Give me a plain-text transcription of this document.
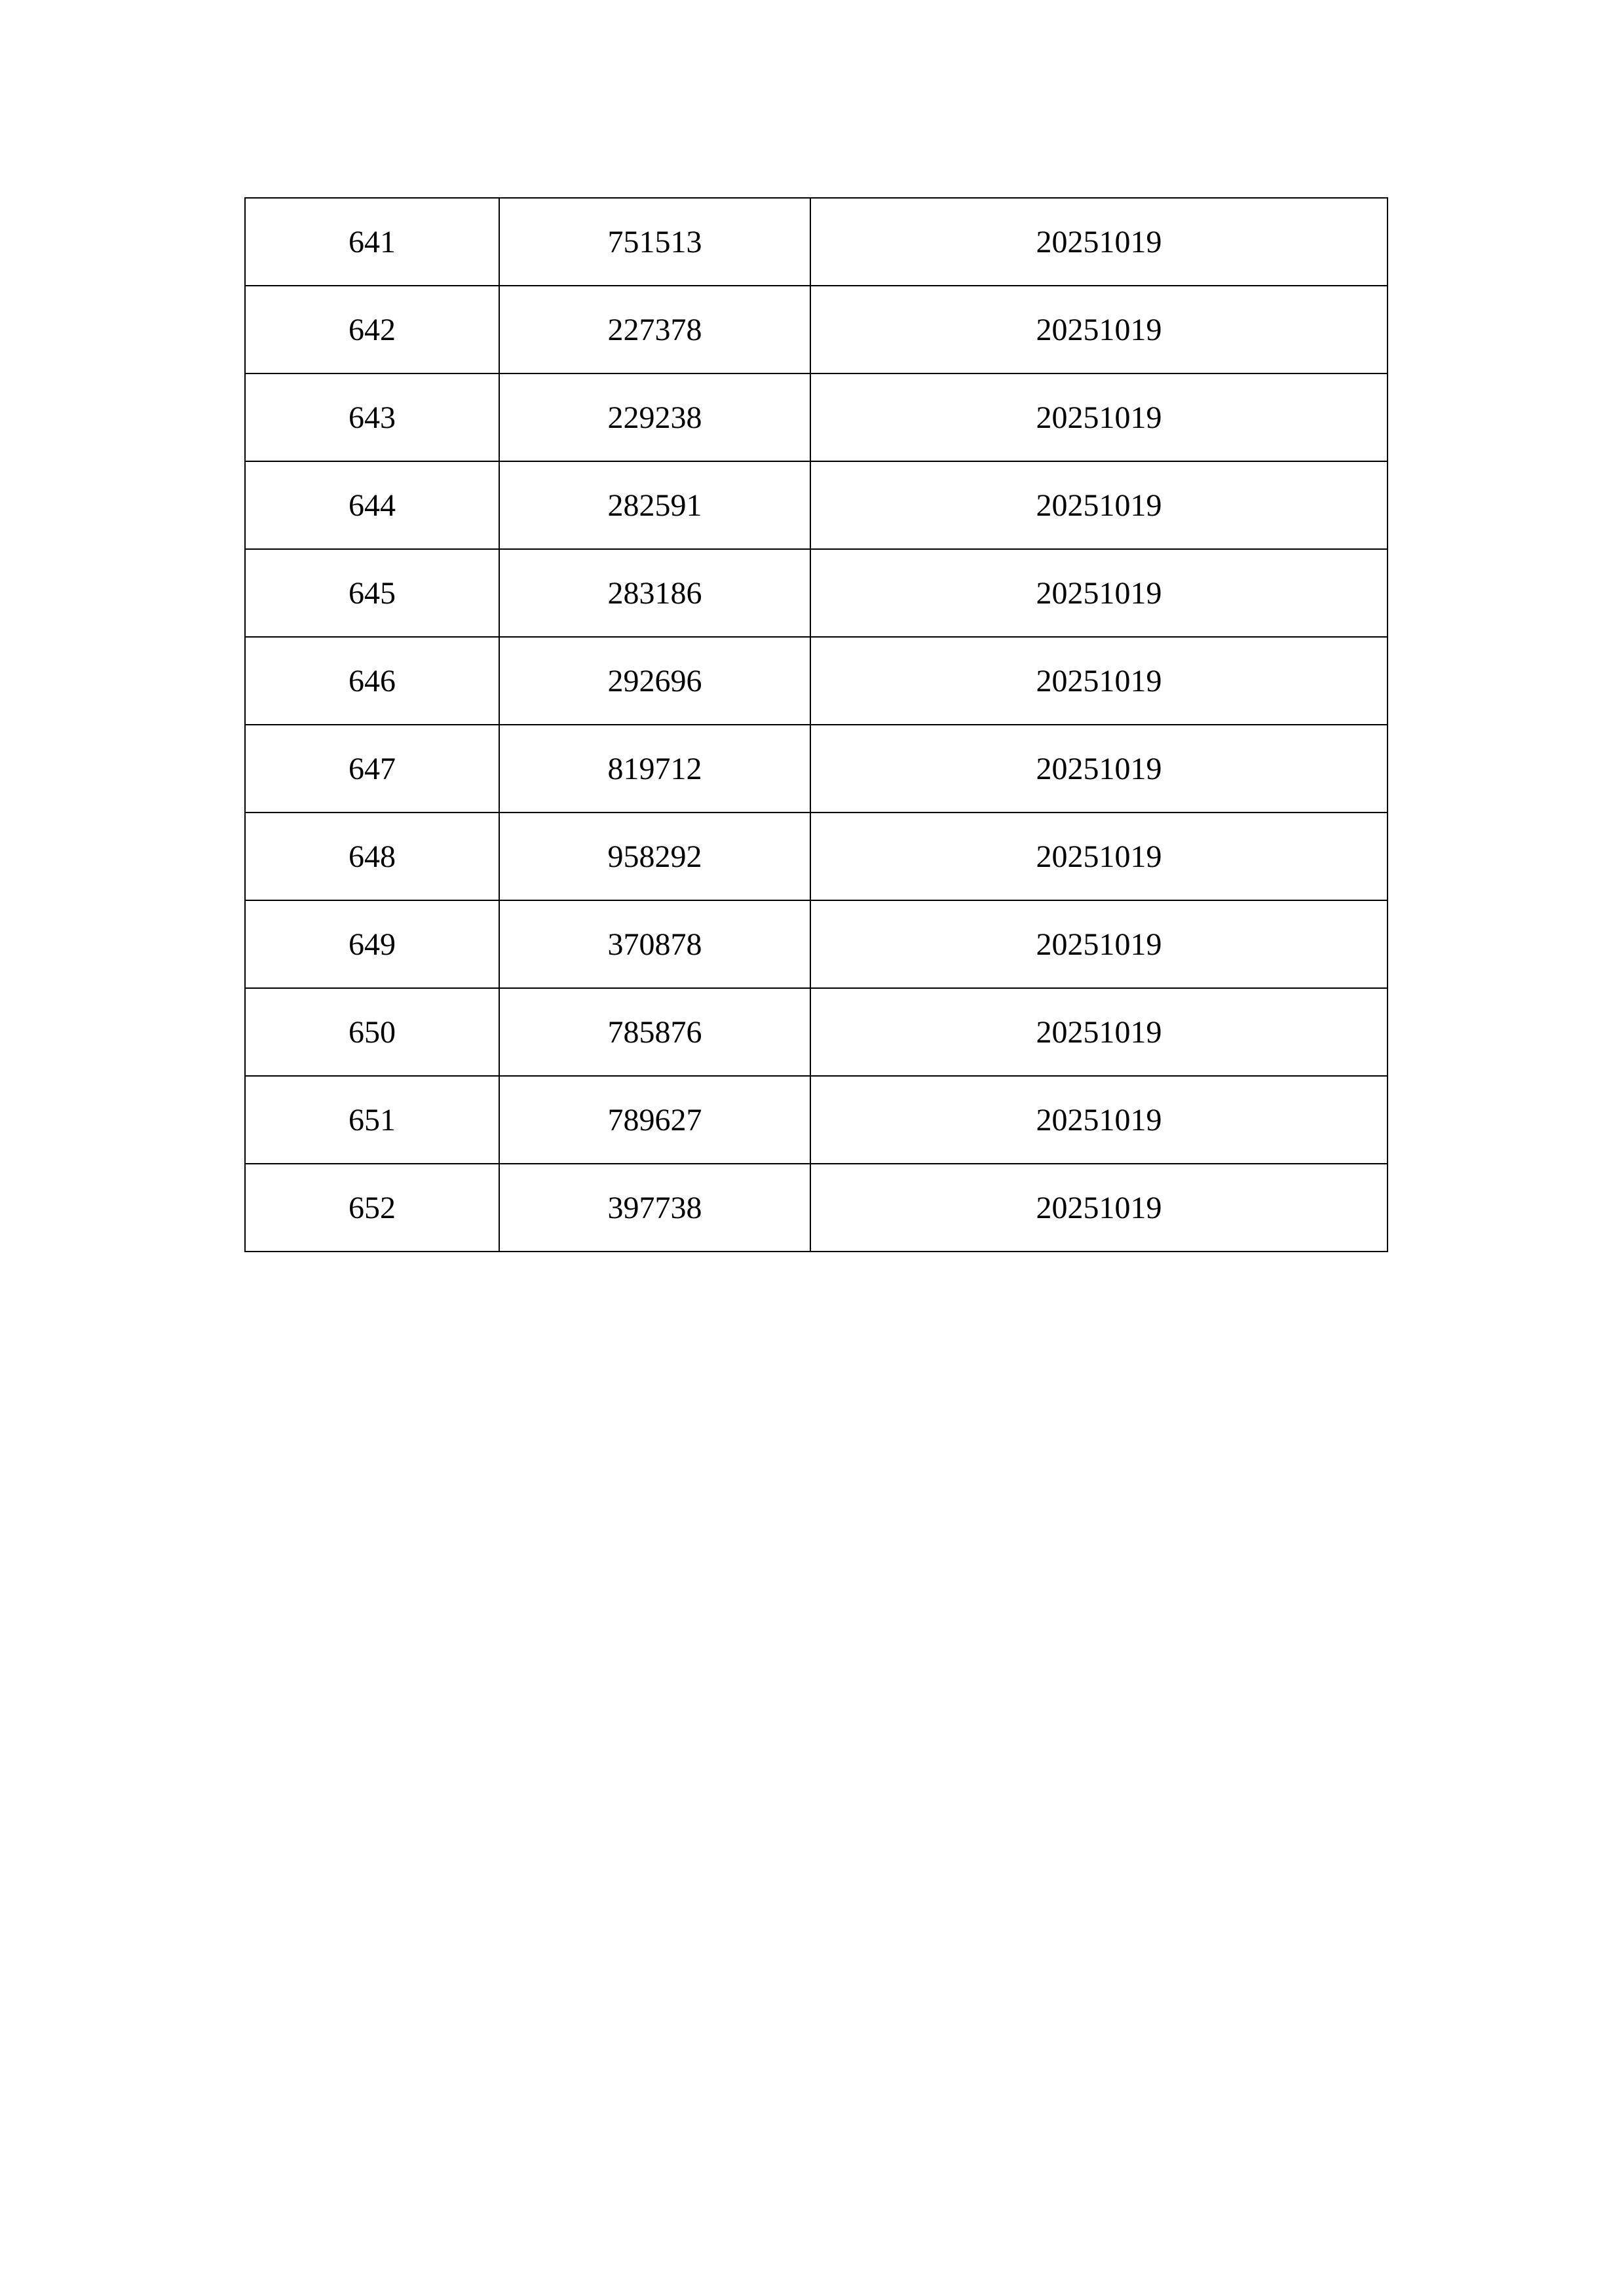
641	751513	20251019
642	227378	20251019
643	229238	20251019
644	282591	20251019
645	283186	20251019
646	292696	20251019
647	819712	20251019
648	958292	20251019
649	370878	20251019
650	785876	20251019
651	789627	20251019
652	397738	20251019
